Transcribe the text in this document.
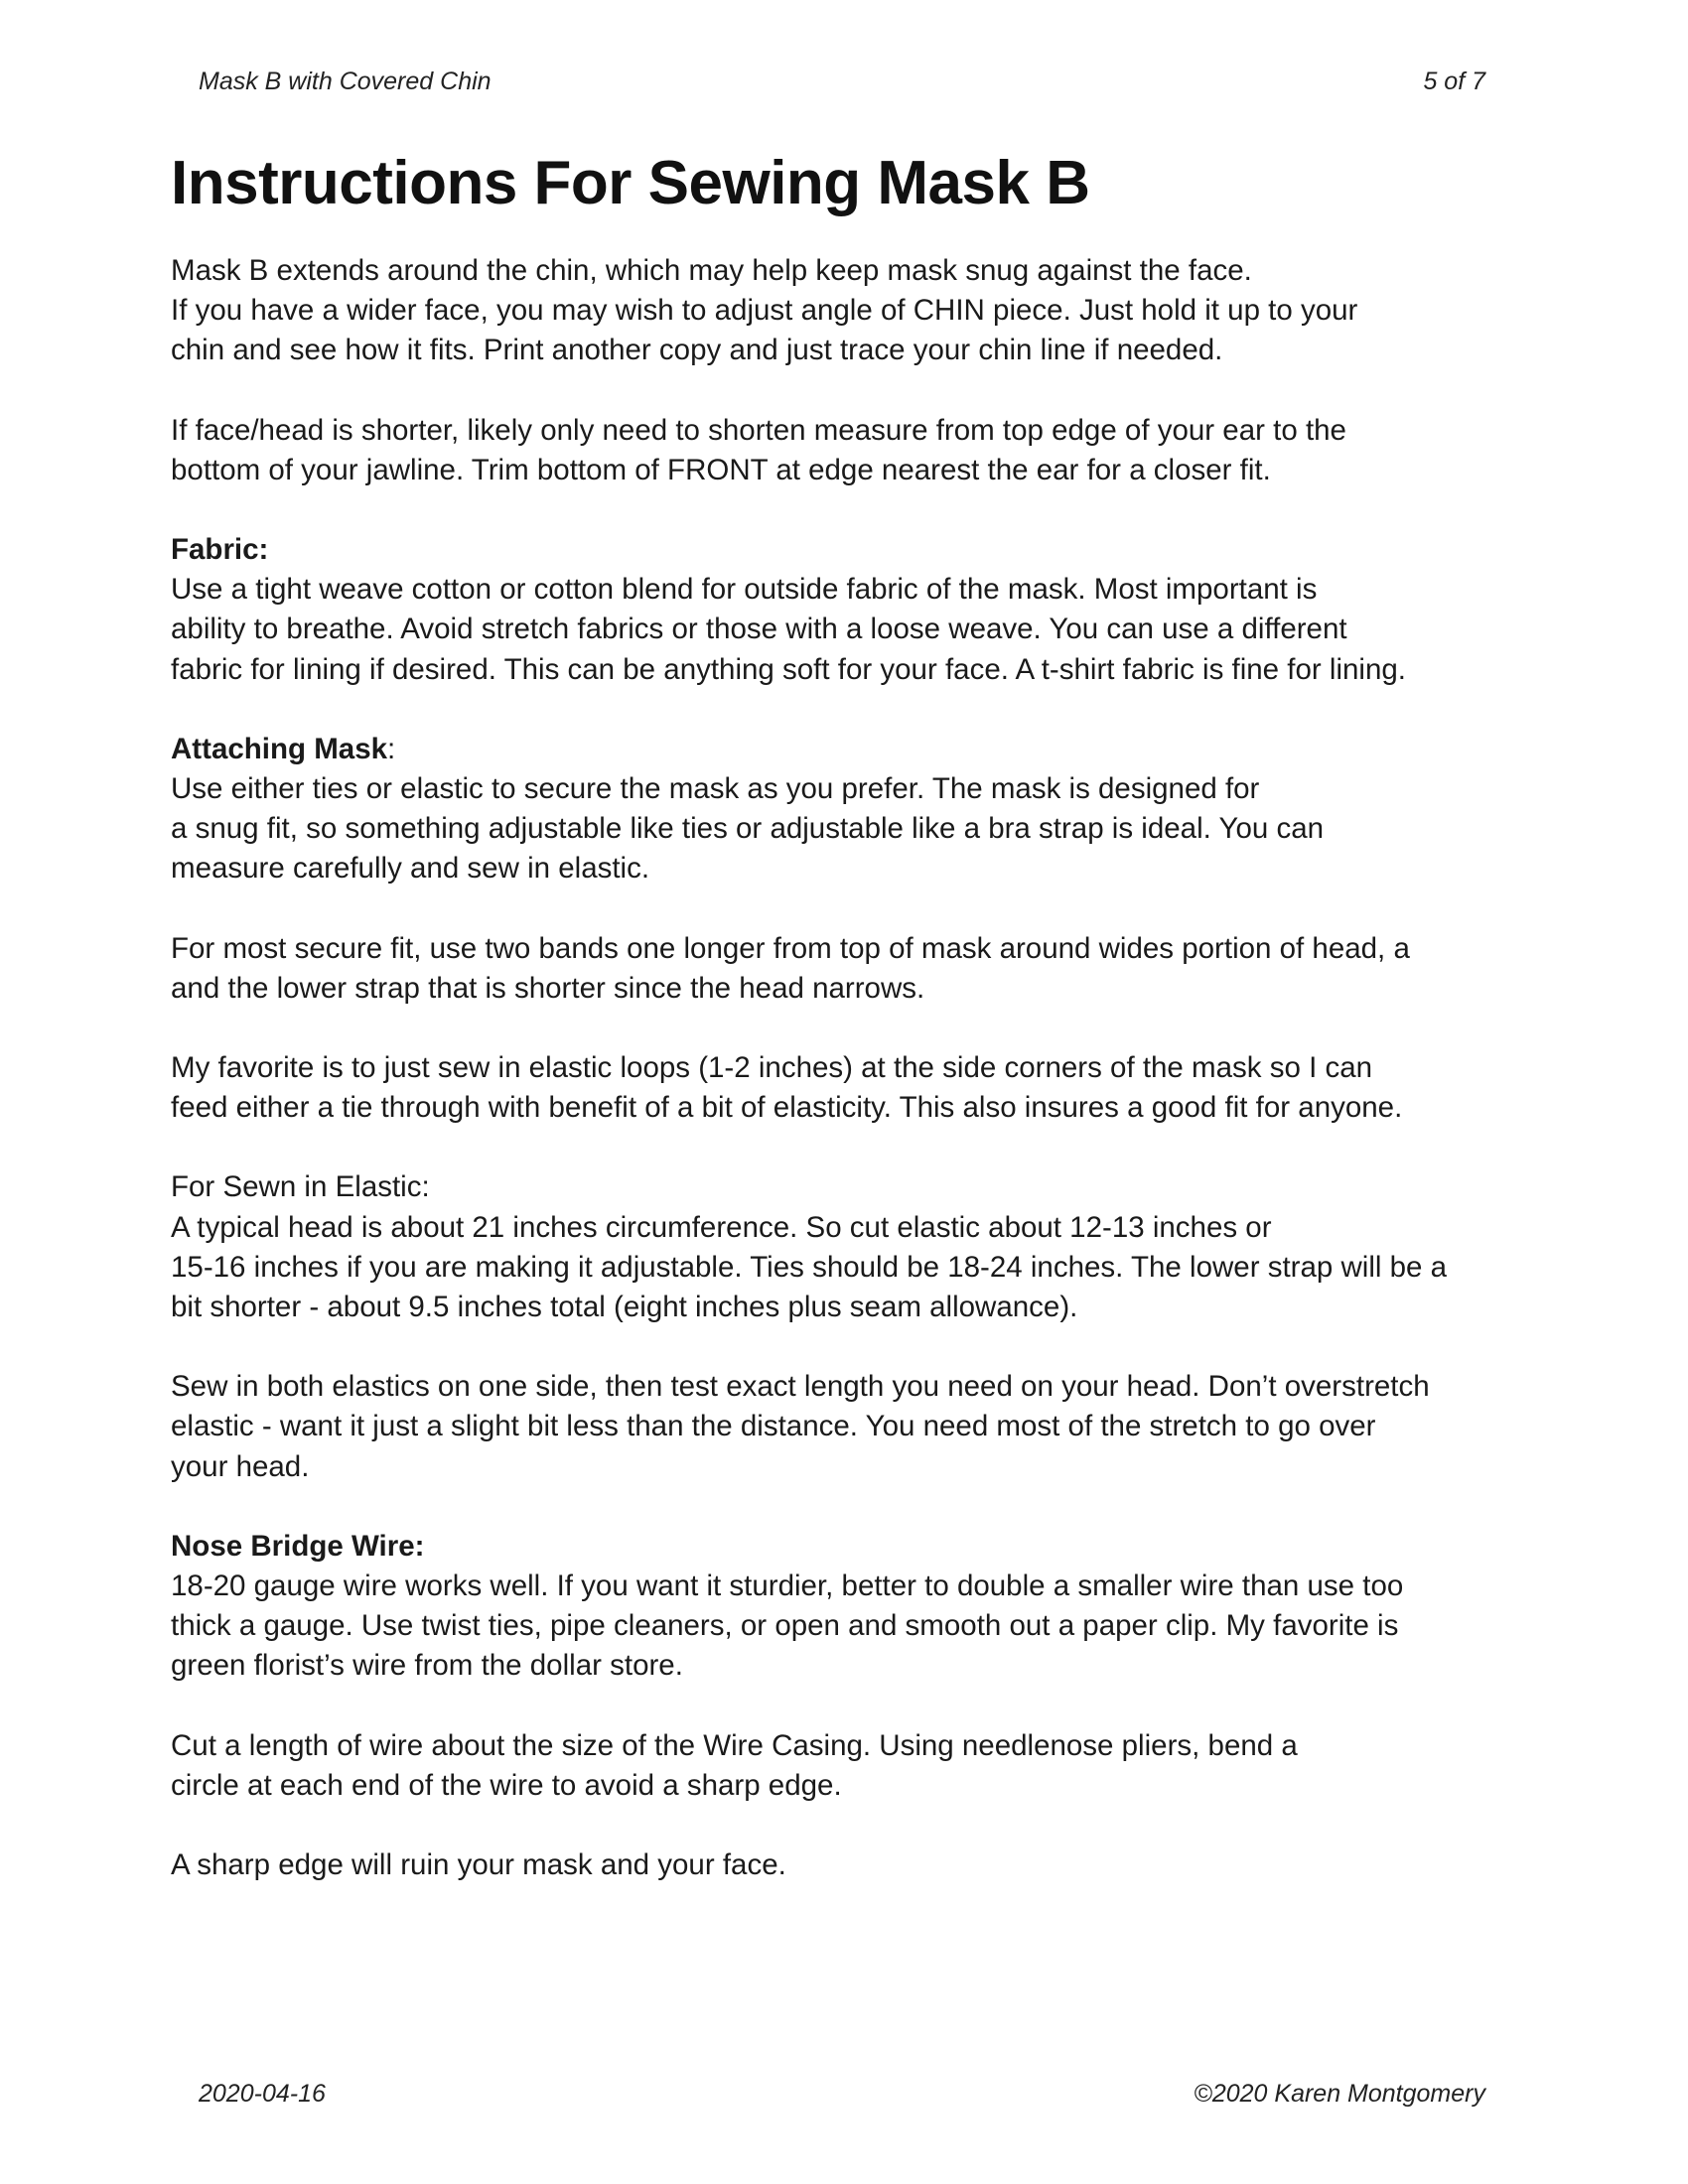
Mask B with Covered Chin	5 of 7
Instructions For Sewing Mask B

Mask B extends around the chin, which may help keep mask snug against the face.
If you have a wider face, you may wish to adjust angle of CHIN piece. Just hold it up to your
chin and see how it fits. Print another copy and just trace your chin line if needed.

If face/head is shorter, likely only need to shorten measure from top edge of your ear to the
bottom of your jawline. Trim bottom of FRONT at edge nearest the ear for a closer fit.

Fabric:
Use a tight weave cotton or cotton blend for outside fabric of the mask. Most important is
ability to breathe. Avoid stretch fabrics or those with a loose weave. You can use a different
fabric for lining if desired. This can be anything soft for your face. A t-shirt fabric is fine for lining.

Attaching Mask:
Use either ties or elastic to secure the mask as you prefer. The mask is designed for
a snug fit, so something adjustable like ties or adjustable like a bra strap is ideal. You can
measure carefully and sew in elastic.

For most secure fit, use two bands one longer from top of mask around wides portion of head, a
and the lower strap that is shorter since the head narrows.

My favorite is to just sew in elastic loops (1-2 inches) at the side corners of the mask so I can
feed either a tie through with benefit of a bit of elasticity. This also insures a good fit for anyone.

For Sewn in Elastic:
A typical head is about 21 inches circumference. So cut elastic about 12-13 inches or
15-16 inches if you are making it adjustable. Ties should be 18-24 inches. The lower strap will be a
bit shorter - about 9.5 inches total (eight inches plus seam allowance).

Sew in both elastics on one side, then test exact length you need on your head. Don’t overstretch
elastic - want it just a slight bit less than the distance. You need most of the stretch to go over
your head.

Nose Bridge Wire:
18-20 gauge wire works well. If you want it sturdier, better to double a smaller wire than use too
thick a gauge. Use twist ties, pipe cleaners, or open and smooth out a paper clip. My favorite is
green florist’s wire from the dollar store.

Cut a length of wire about the size of the Wire Casing. Using needlenose pliers, bend a
circle at each end of the wire to avoid a sharp edge.

A sharp edge will ruin your mask and your face.

2020-04-16	©2020 Karen Montgomery
